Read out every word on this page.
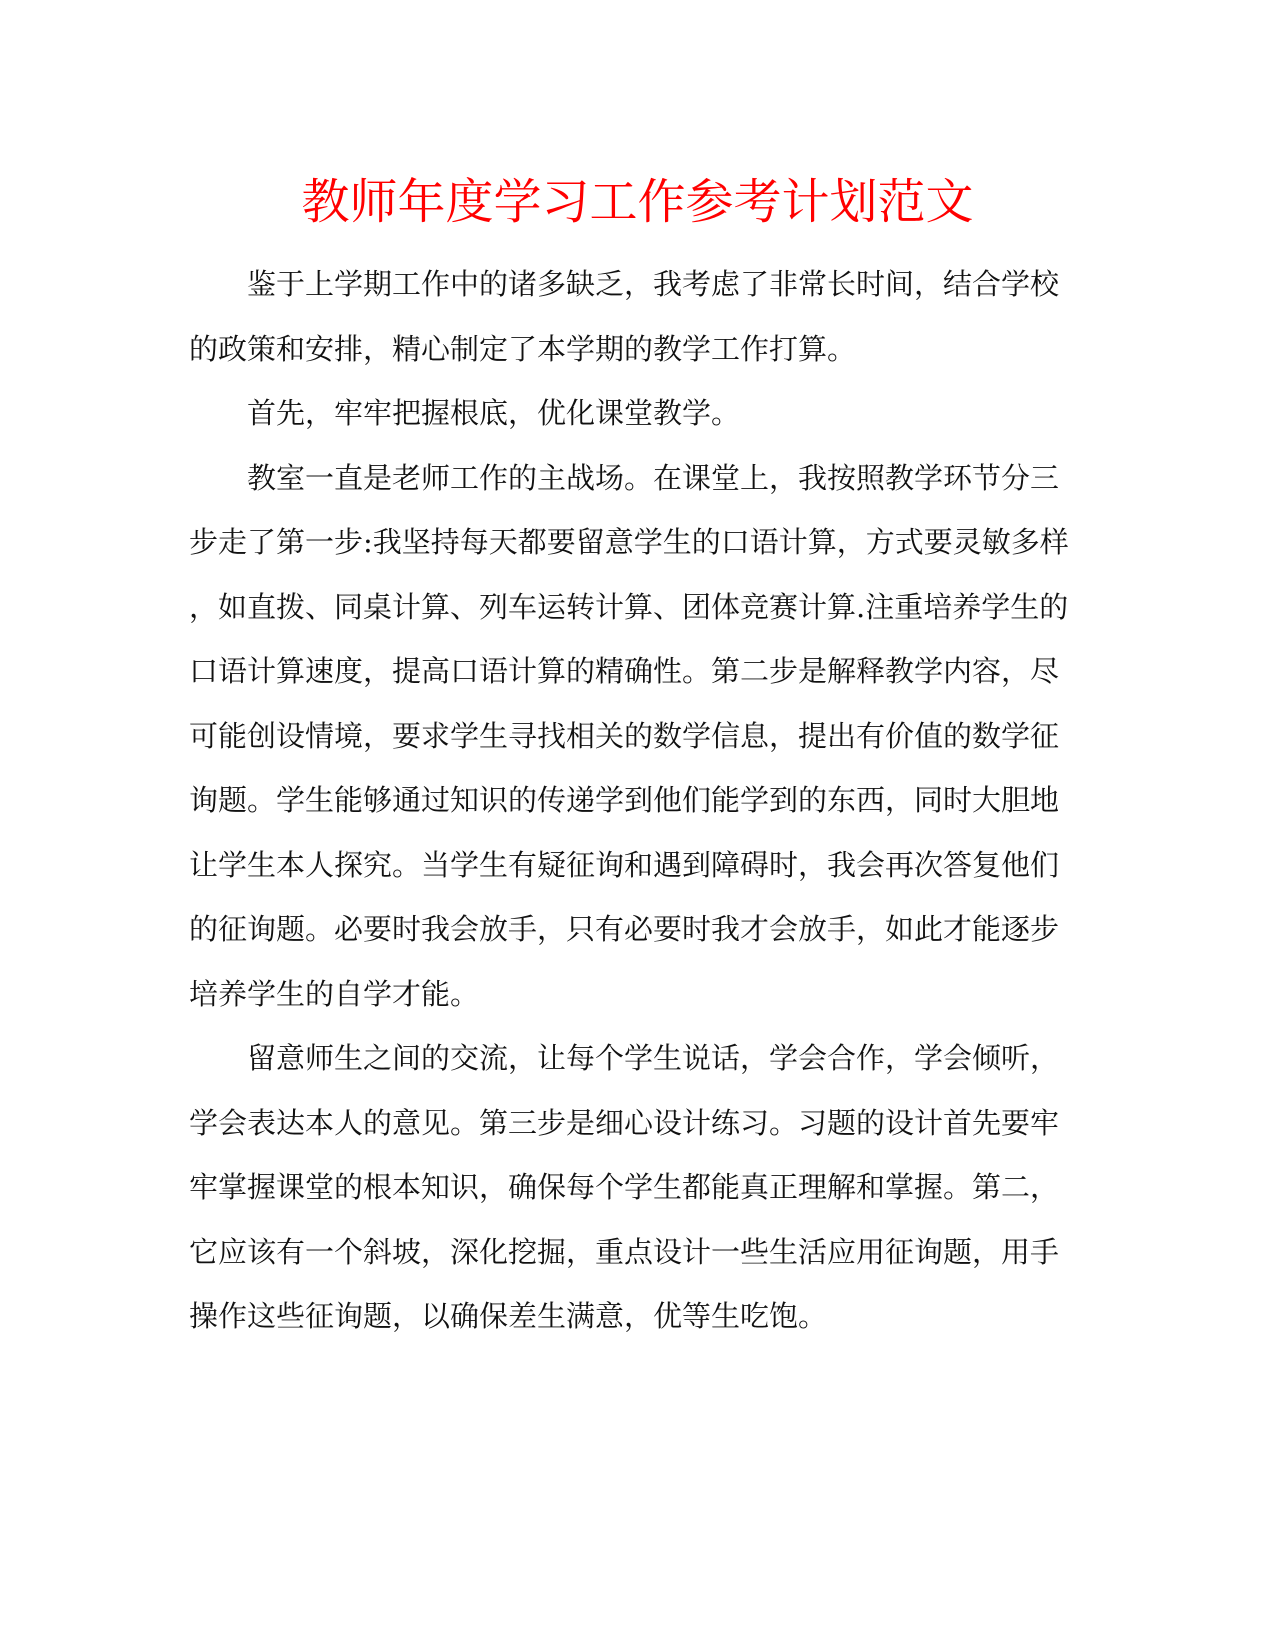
教师年度学习工作参考计划范文
鉴于上学期工作中的诸多缺乏，我考虑了非常长时间，结合学校
的政策和安排，精心制定了本学期的教学工作打算。
首先，牢牢把握根底，优化课堂教学。
教室一直是老师工作的主战场。在课堂上，我按照教学环节分三
步走了第一步:我坚持每天都要留意学生的口语计算，方式要灵敏多样
，如直拨、同桌计算、列车运转计算、团体竞赛计算.注重培养学生的
口语计算速度，提高口语计算的精确性。第二步是解释教学内容，尽
可能创设情境，要求学生寻找相关的数学信息，提出有价值的数学征
询题。学生能够通过知识的传递学到他们能学到的东西，同时大胆地
让学生本人探究。当学生有疑征询和遇到障碍时，我会再次答复他们
的征询题。必要时我会放手，只有必要时我才会放手，如此才能逐步
培养学生的自学才能。
留意师生之间的交流，让每个学生说话，学会合作，学会倾听，
学会表达本人的意见。第三步是细心设计练习。习题的设计首先要牢
牢掌握课堂的根本知识，确保每个学生都能真正理解和掌握。第二，
它应该有一个斜坡，深化挖掘，重点设计一些生活应用征询题，用手
操作这些征询题，以确保差生满意，优等生吃饱。
